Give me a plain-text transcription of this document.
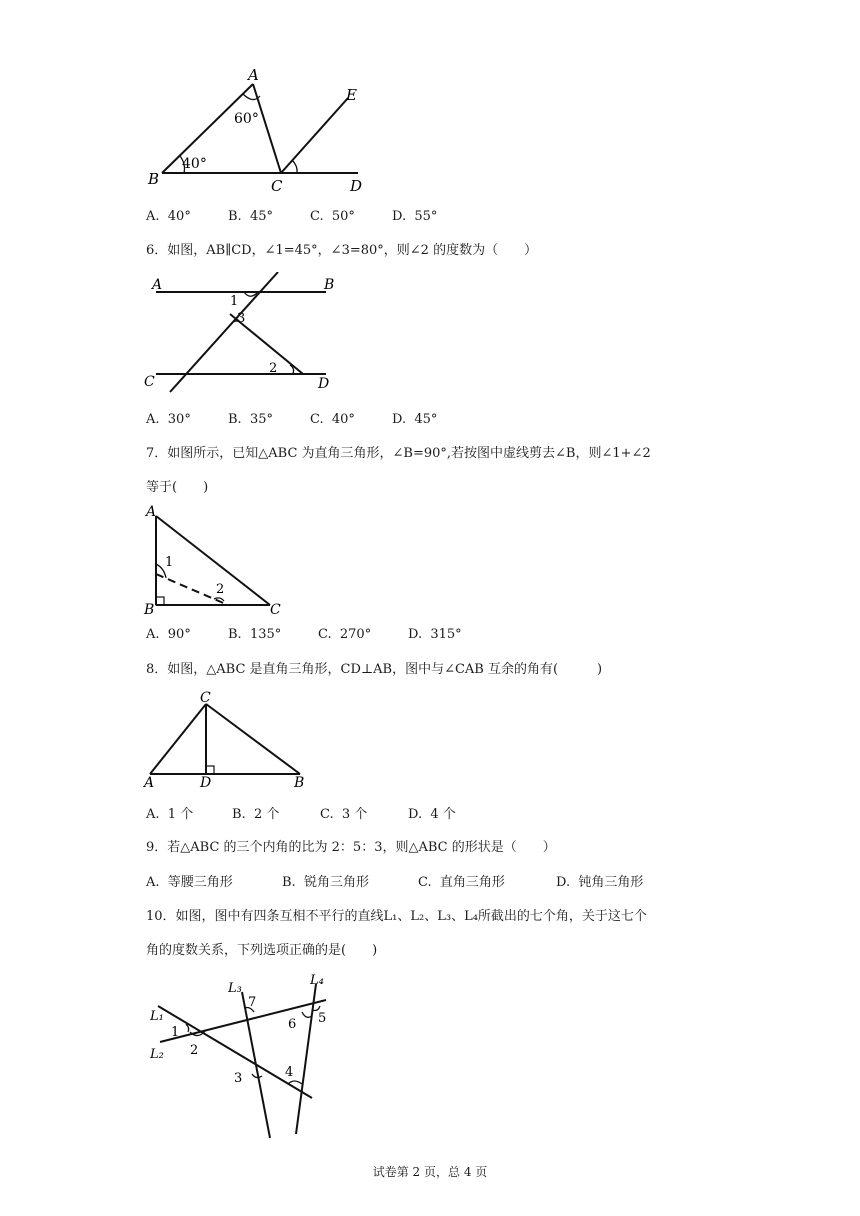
A
B	C	D
E
60°
40°
A.  40°	B.  45°	C.  50°	D.  55°
6．如图，AB∥CD，∠1=45°，∠3=80°，则∠2 的度数为（　　）
A	B
C	D
1
3
2
A.  30°	B.  35°	C.  40°	D.  45°
7．如图所示，已知△ABC 为直角三角形，∠B=90°,若按图中虚线剪去∠B，则∠1+∠2
等于(　　)
A
B	C
1
2
A.  90°	B.  135°	C.  270°	D.  315°
8．如图，△ABC 是直角三角形，CD⊥AB，图中与∠CAB 互余的角有(　　　)
C
A	D	B
A.  1 个	B.  2 个	C.  3 个	D.  4 个
9．若△ABC 的三个内角的比为 2：5：3，则△ABC 的形状是（　　）
A.  等腰三角形	B.  锐角三角形	C.  直角三角形	D.  钝角三角形
10．如图，图中有四条互相不平行的直线L₁、L₂、L₃、L₄所截出的七个角，关于这七个
角的度数关系，下列选项正确的是(　　)
L₁
L₂
L₃
L₄
1
2
3	4
5
6
7
试卷第 2 页，总 4 页
